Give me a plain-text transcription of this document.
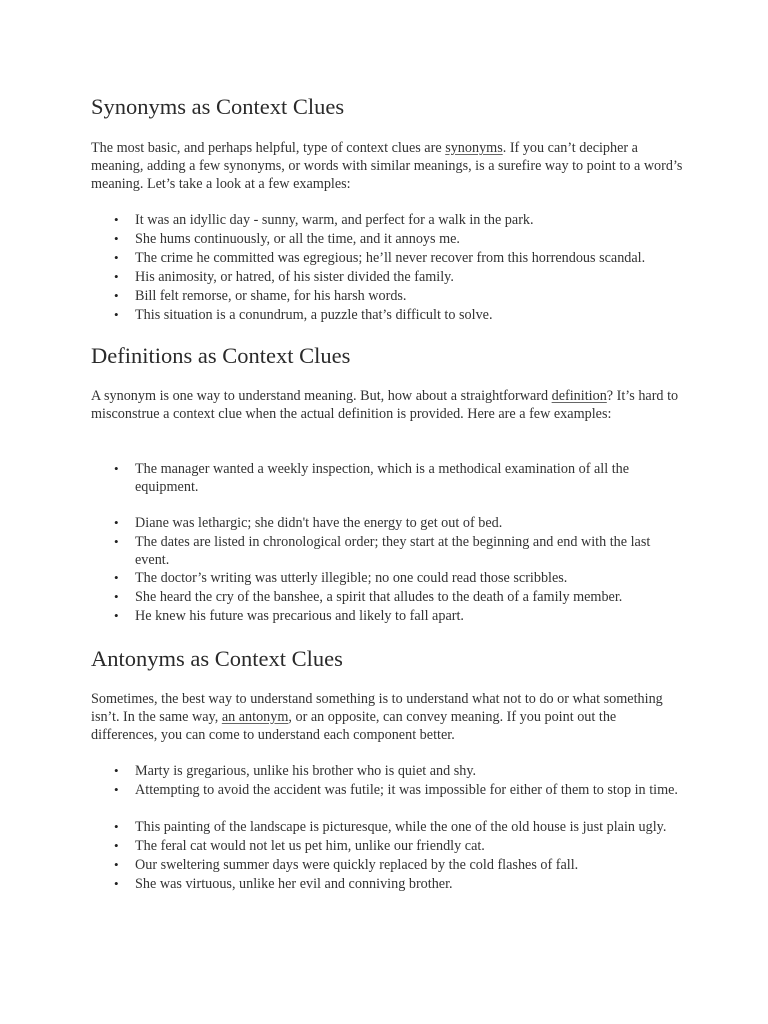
Synonyms as Context Clues

The most basic, and perhaps helpful, type of context clues are synonyms. If you can’t decipher a meaning, adding a few synonyms, or words with similar meanings, is a surefire way to point to a word’s meaning. Let’s take a look at a few examples:

• It was an idyllic day - sunny, warm, and perfect for a walk in the park.
• She hums continuously, or all the time, and it annoys me.
• The crime he committed was egregious; he’ll never recover from this horrendous scandal.
• His animosity, or hatred, of his sister divided the family.
• Bill felt remorse, or shame, for his harsh words.
• This situation is a conundrum, a puzzle that’s difficult to solve.
Definitions as Context Clues

A synonym is one way to understand meaning. But, how about a straightforward definition? It’s hard to misconstrue a context clue when the actual definition is provided. Here are a few examples:

• The manager wanted a weekly inspection, which is a methodical examination of all the equipment.
• Diane was lethargic; she didn't have the energy to get out of bed.
• The dates are listed in chronological order; they start at the beginning and end with the last event.
• The doctor’s writing was utterly illegible; no one could read those scribbles.
• She heard the cry of the banshee, a spirit that alludes to the death of a family member.
• He knew his future was precarious and likely to fall apart.
Antonyms as Context Clues

Sometimes, the best way to understand something is to understand what not to do or what something isn’t. In the same way, an antonym, or an opposite, can convey meaning. If you point out the differences, you can come to understand each component better.

• Marty is gregarious, unlike his brother who is quiet and shy.
• Attempting to avoid the accident was futile; it was impossible for either of them to stop in time.
• This painting of the landscape is picturesque, while the one of the old house is just plain ugly.
• The feral cat would not let us pet him, unlike our friendly cat.
• Our sweltering summer days were quickly replaced by the cold flashes of fall.
• She was virtuous, unlike her evil and conniving brother.
